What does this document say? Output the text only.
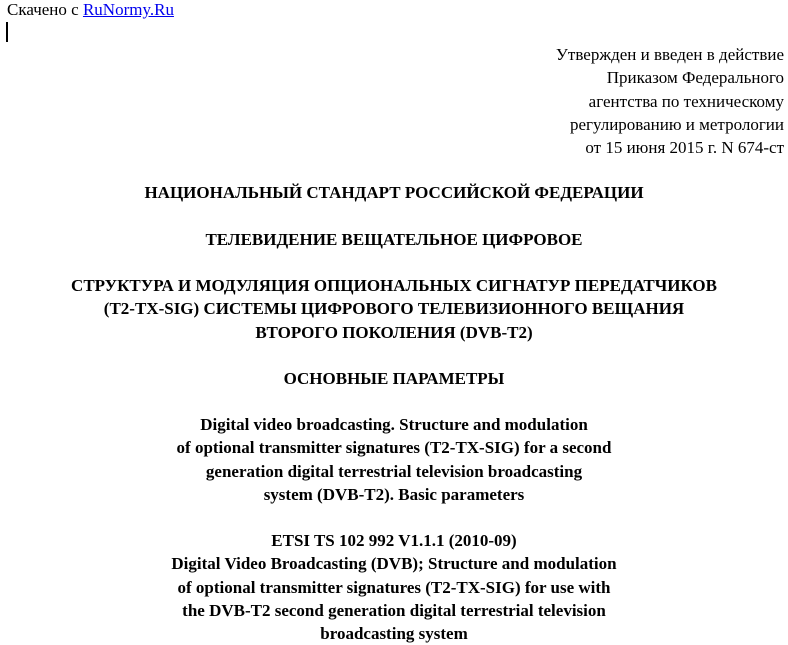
Скачено с RuNormy.Ru
Утвержден и введен в действие
Приказом Федерального
агентства по техническому
регулированию и метрологии
от 15 июня 2015 г. N 674-ст
НАЦИОНАЛЬНЫЙ СТАНДАРТ РОССИЙСКОЙ ФЕДЕРАЦИИ
ТЕЛЕВИДЕНИЕ ВЕЩАТЕЛЬНОЕ ЦИФРОВОЕ
СТРУКТУРА И МОДУЛЯЦИЯ ОПЦИОНАЛЬНЫХ СИГНАТУР ПЕРЕДАТЧИКОВ
(T2-TX-SIG) СИСТЕМЫ ЦИФРОВОГО ТЕЛЕВИЗИОННОГО ВЕЩАНИЯ
ВТОРОГО ПОКОЛЕНИЯ (DVB-T2)
ОСНОВНЫЕ ПАРАМЕТРЫ
Digital video broadcasting. Structure and modulation
of optional transmitter signatures (T2-TX-SIG) for a second
generation digital terrestrial television broadcasting
system (DVB-T2). Basic parameters
ETSI TS 102 992 V1.1.1 (2010-09)
Digital Video Broadcasting (DVB); Structure and modulation
of optional transmitter signatures (T2-TX-SIG) for use with
the DVB-T2 second generation digital terrestrial television
broadcasting system
